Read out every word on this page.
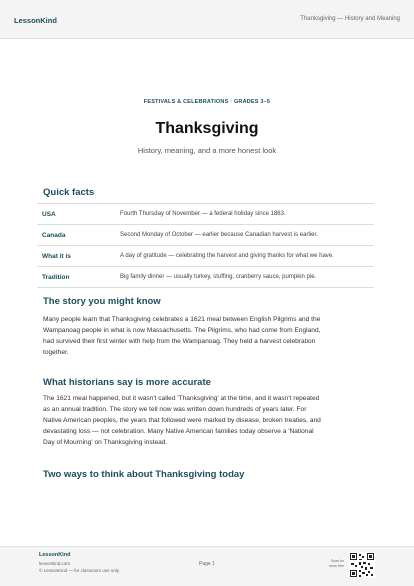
LessonKind	Thanksgiving — History and Meaning
FESTIVALS & CELEBRATIONS · GRADES 3–5
Thanksgiving
History, meaning, and a more honest look
Quick facts
USA	Fourth Thursday of November — a federal holiday since 1863.
Canada	Second Monday of October — earlier because Canadian harvest is earlier.
What it is	A day of gratitude — celebrating the harvest and giving thanks for what we have.
Tradition	Big family dinner — usually turkey, stuffing, cranberry sauce, pumpkin pie.
The story you might know
Many people learn that Thanksgiving celebrates a 1621 meal between English Pilgrims and the
Wampanoag people in what is now Massachusetts. The Pilgrims, who had come from England,
had survived their first winter with help from the Wampanoag. They held a harvest celebration
together.
What historians say is more accurate
The 1621 meal happened, but it wasn't called 'Thanksgiving' at the time, and it wasn't repeated
as an annual tradition. The story we tell now was written down hundreds of years later. For
Native American peoples, the years that followed were marked by disease, broken treaties, and
devastating loss — not celebration. Many Native American families today observe a 'National
Day of Mourning' on Thanksgiving instead.
Two ways to think about Thanksgiving today
LessonKind
lessonkind.com
© LessonKind — for classroom use only
Page 1	Scan for
more free
